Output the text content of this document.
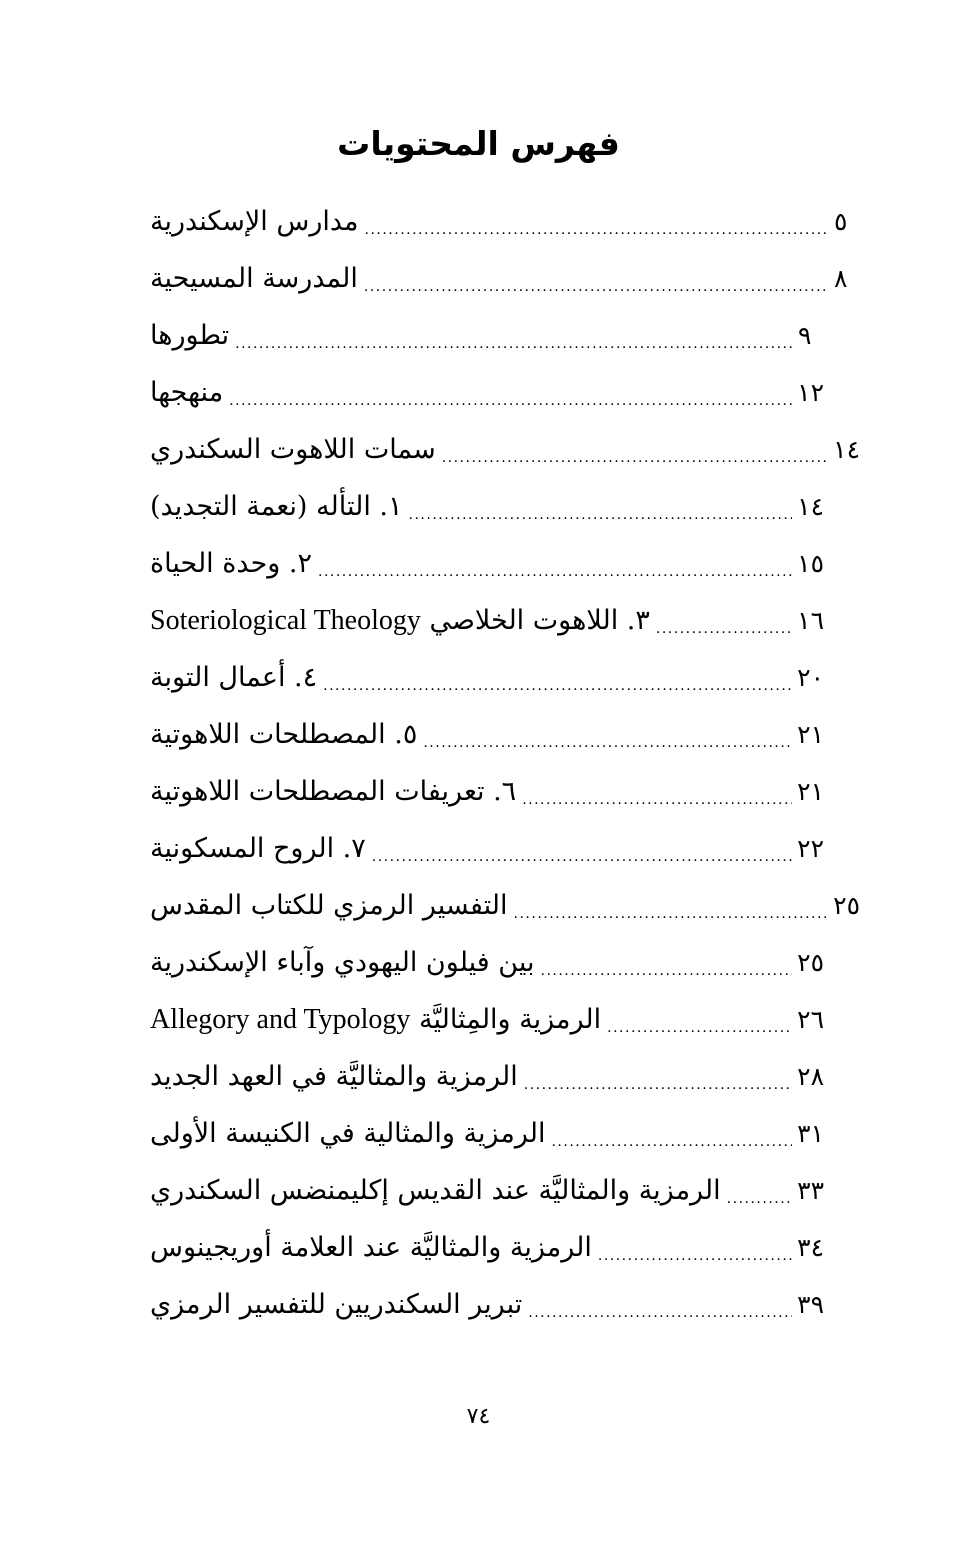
فهرس المحتويات
مدارس الإسكندرية .....	٥
المدرسة المسيحية .....	٨
تطورها .....	٩
منهجها .....	١٢
سمات اللاهوت السكندري .....	١٤
١. التأله (نعمة التجديد) .....	١٤
٢. وحدة الحياة .....	١٥
٣. اللاهوت الخلاصي Soteriological Theology .....	١٦
٤. أعمال التوبة .....	٢٠
٥. المصطلحات اللاهوتية .....	٢١
٦. تعريفات المصطلحات اللاهوتية .....	٢١
٧. الروح المسكونية .....	٢٢
التفسير الرمزي للكتاب المقدس .....	٢٥
بين فيلون اليهودي وآباء الإسكندرية .....	٢٥
الرمزية والمِثاليَّة Allegory and Typology .....	٢٦
الرمزية والمثاليَّة في العهد الجديد .....	٢٨
الرمزية والمثالية في الكنيسة الأولى .....	٣١
الرمزية والمثاليَّة عند القديس إكليمنضس السكندري .....	٣٣
الرمزية والمثاليَّة عند العلامة أوريجينوس .....	٣٤
تبرير السكندريين للتفسير الرمزي .....	٣٩
٧٤
